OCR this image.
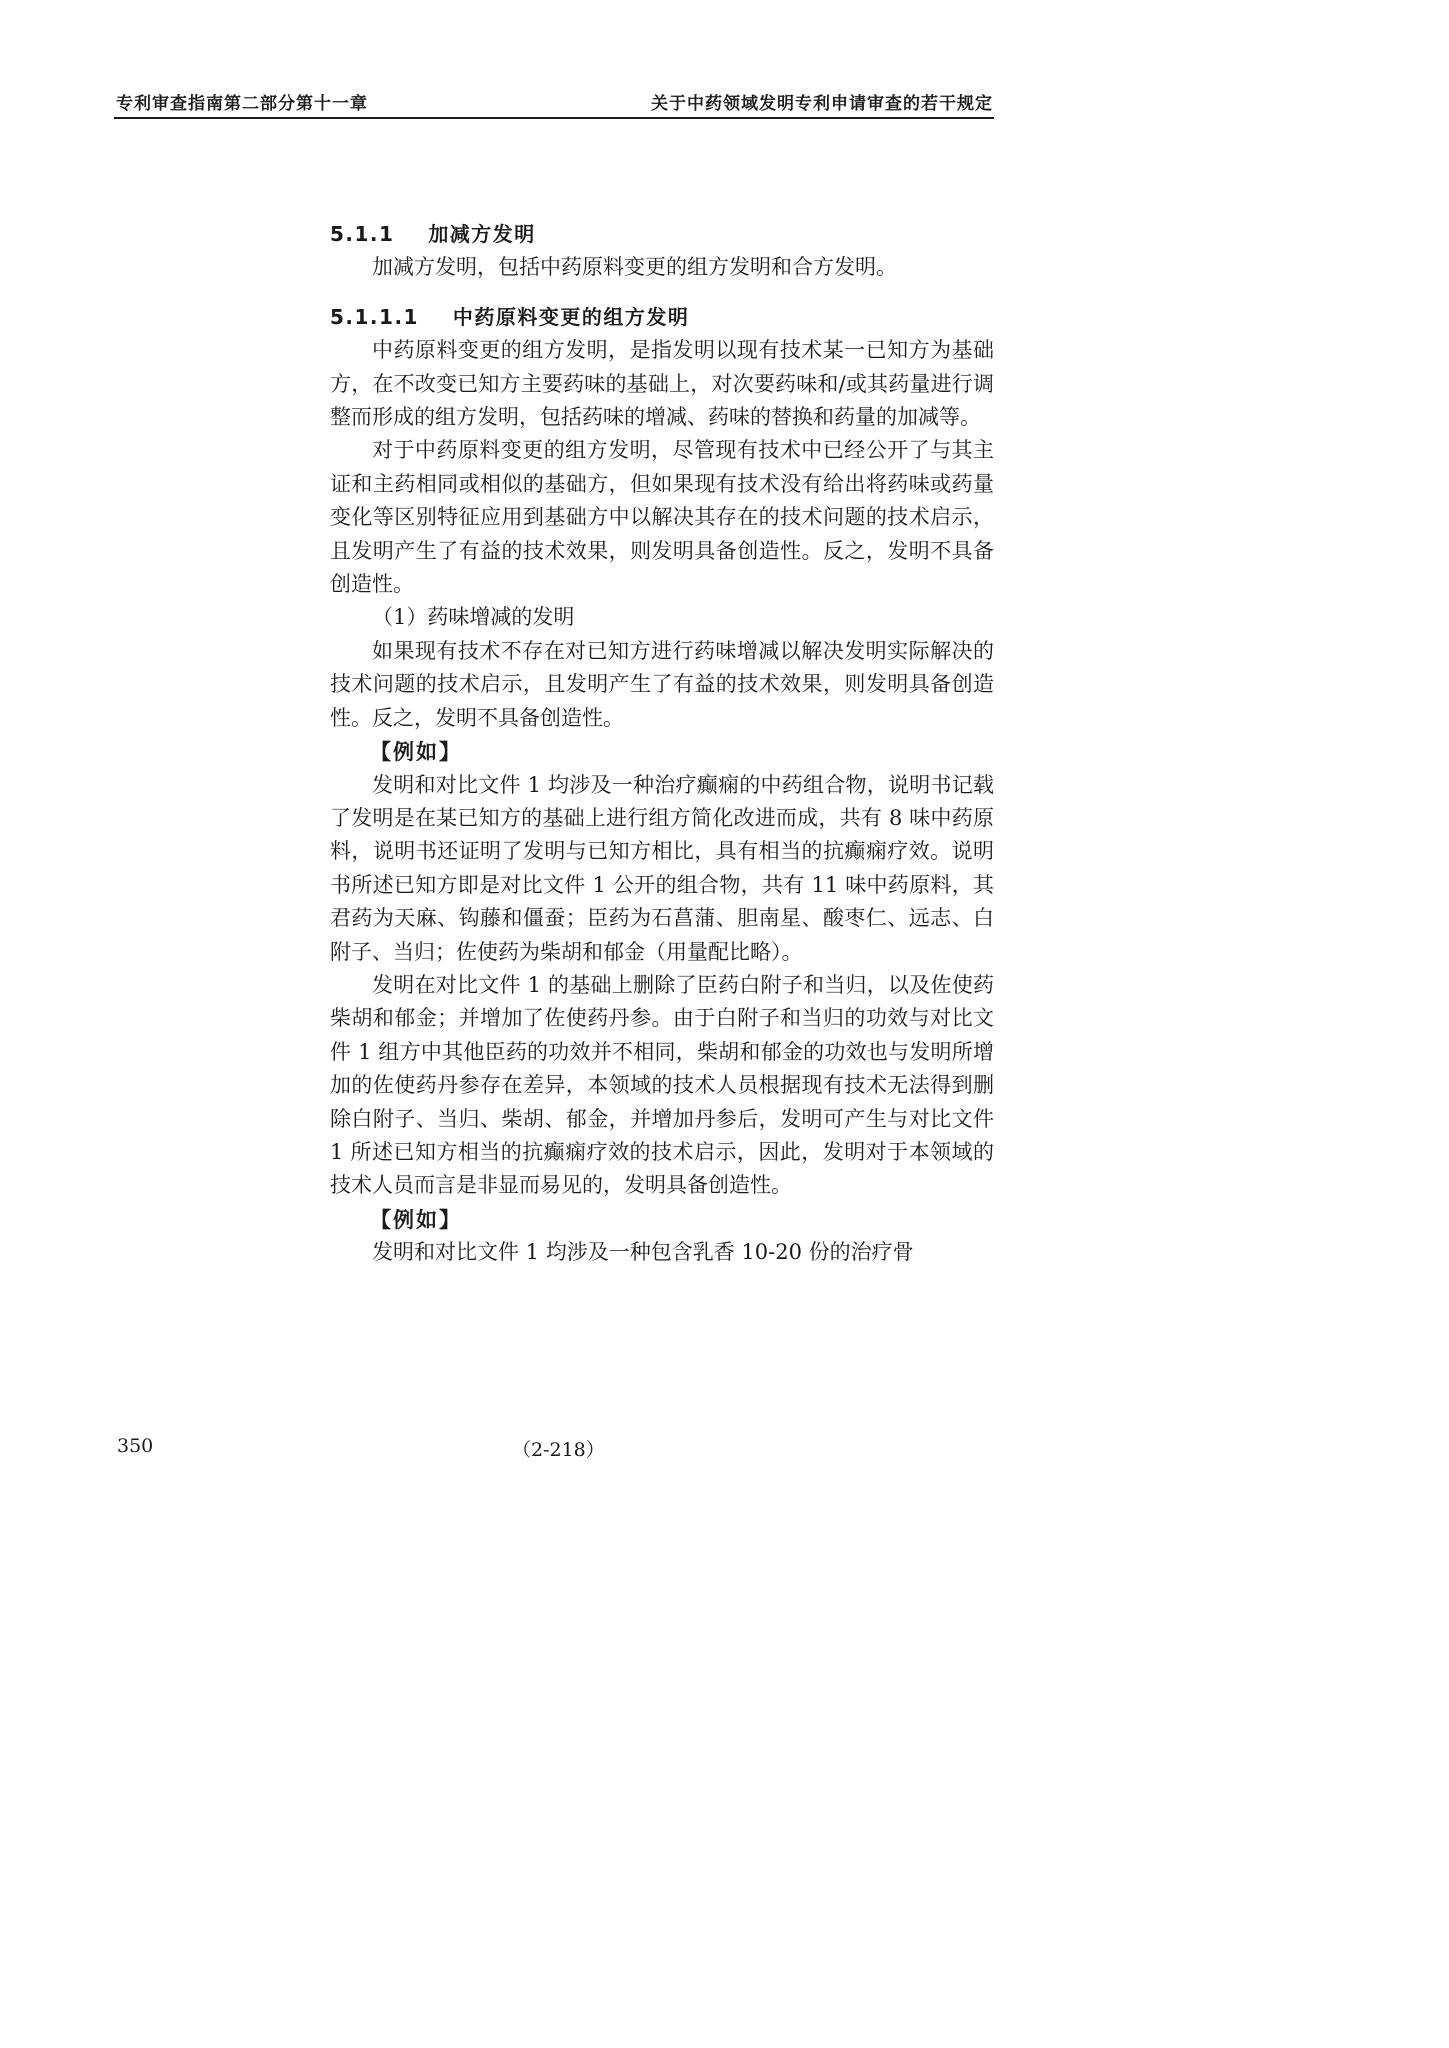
专利审查指南第二部分第十一章	关于中药领域发明专利申请审查的若干规定
5.1.1 加减方发明

加减方发明，包括中药原料变更的组方发明和合方发明。

5.1.1.1 中药原料变更的组方发明

中药原料变更的组方发明，是指发明以现有技术某一已知方为基础方，在不改变已知方主要药味的基础上，对次要药味和/或其药量进行调整而形成的组方发明，包括药味的增减、药味的替换和药量的加减等。

对于中药原料变更的组方发明，尽管现有技术中已经公开了与其主证和主药相同或相似的基础方，但如果现有技术没有给出将药味或药量变化等区别特征应用到基础方中以解决其存在的技术问题的技术启示，且发明产生了有益的技术效果，则发明具备创造性。反之，发明不具备创造性。

（1）药味增减的发明

如果现有技术不存在对已知方进行药味增减以解决发明实际解决的技术问题的技术启示，且发明产生了有益的技术效果，则发明具备创造性。反之，发明不具备创造性。

【例如】

发明和对比文件 1 均涉及一种治疗癫痫的中药组合物，说明书记载了发明是在某已知方的基础上进行组方简化改进而成，共有 8 味中药原料，说明书还证明了发明与已知方相比，具有相当的抗癫痫疗效。说明书所述已知方即是对比文件 1 公开的组合物，共有 11 味中药原料，其君药为天麻、钩藤和僵蚕；臣药为石菖蒲、胆南星、酸枣仁、远志、白附子、当归；佐使药为柴胡和郁金（用量配比略）。

发明在对比文件 1 的基础上删除了臣药白附子和当归，以及佐使药柴胡和郁金；并增加了佐使药丹参。由于白附子和当归的功效与对比文件 1 组方中其他臣药的功效并不相同，柴胡和郁金的功效也与发明所增加的佐使药丹参存在差异，本领域的技术人员根据现有技术无法得到删除白附子、当归、柴胡、郁金，并增加丹参后，发明可产生与对比文件 1 所述已知方相当的抗癫痫疗效的技术启示，因此，发明对于本领域的技术人员而言是非显而易见的，发明具备创造性。

【例如】

发明和对比文件 1 均涉及一种包含乳香 10-20 份的治疗骨

350	（2-218）
